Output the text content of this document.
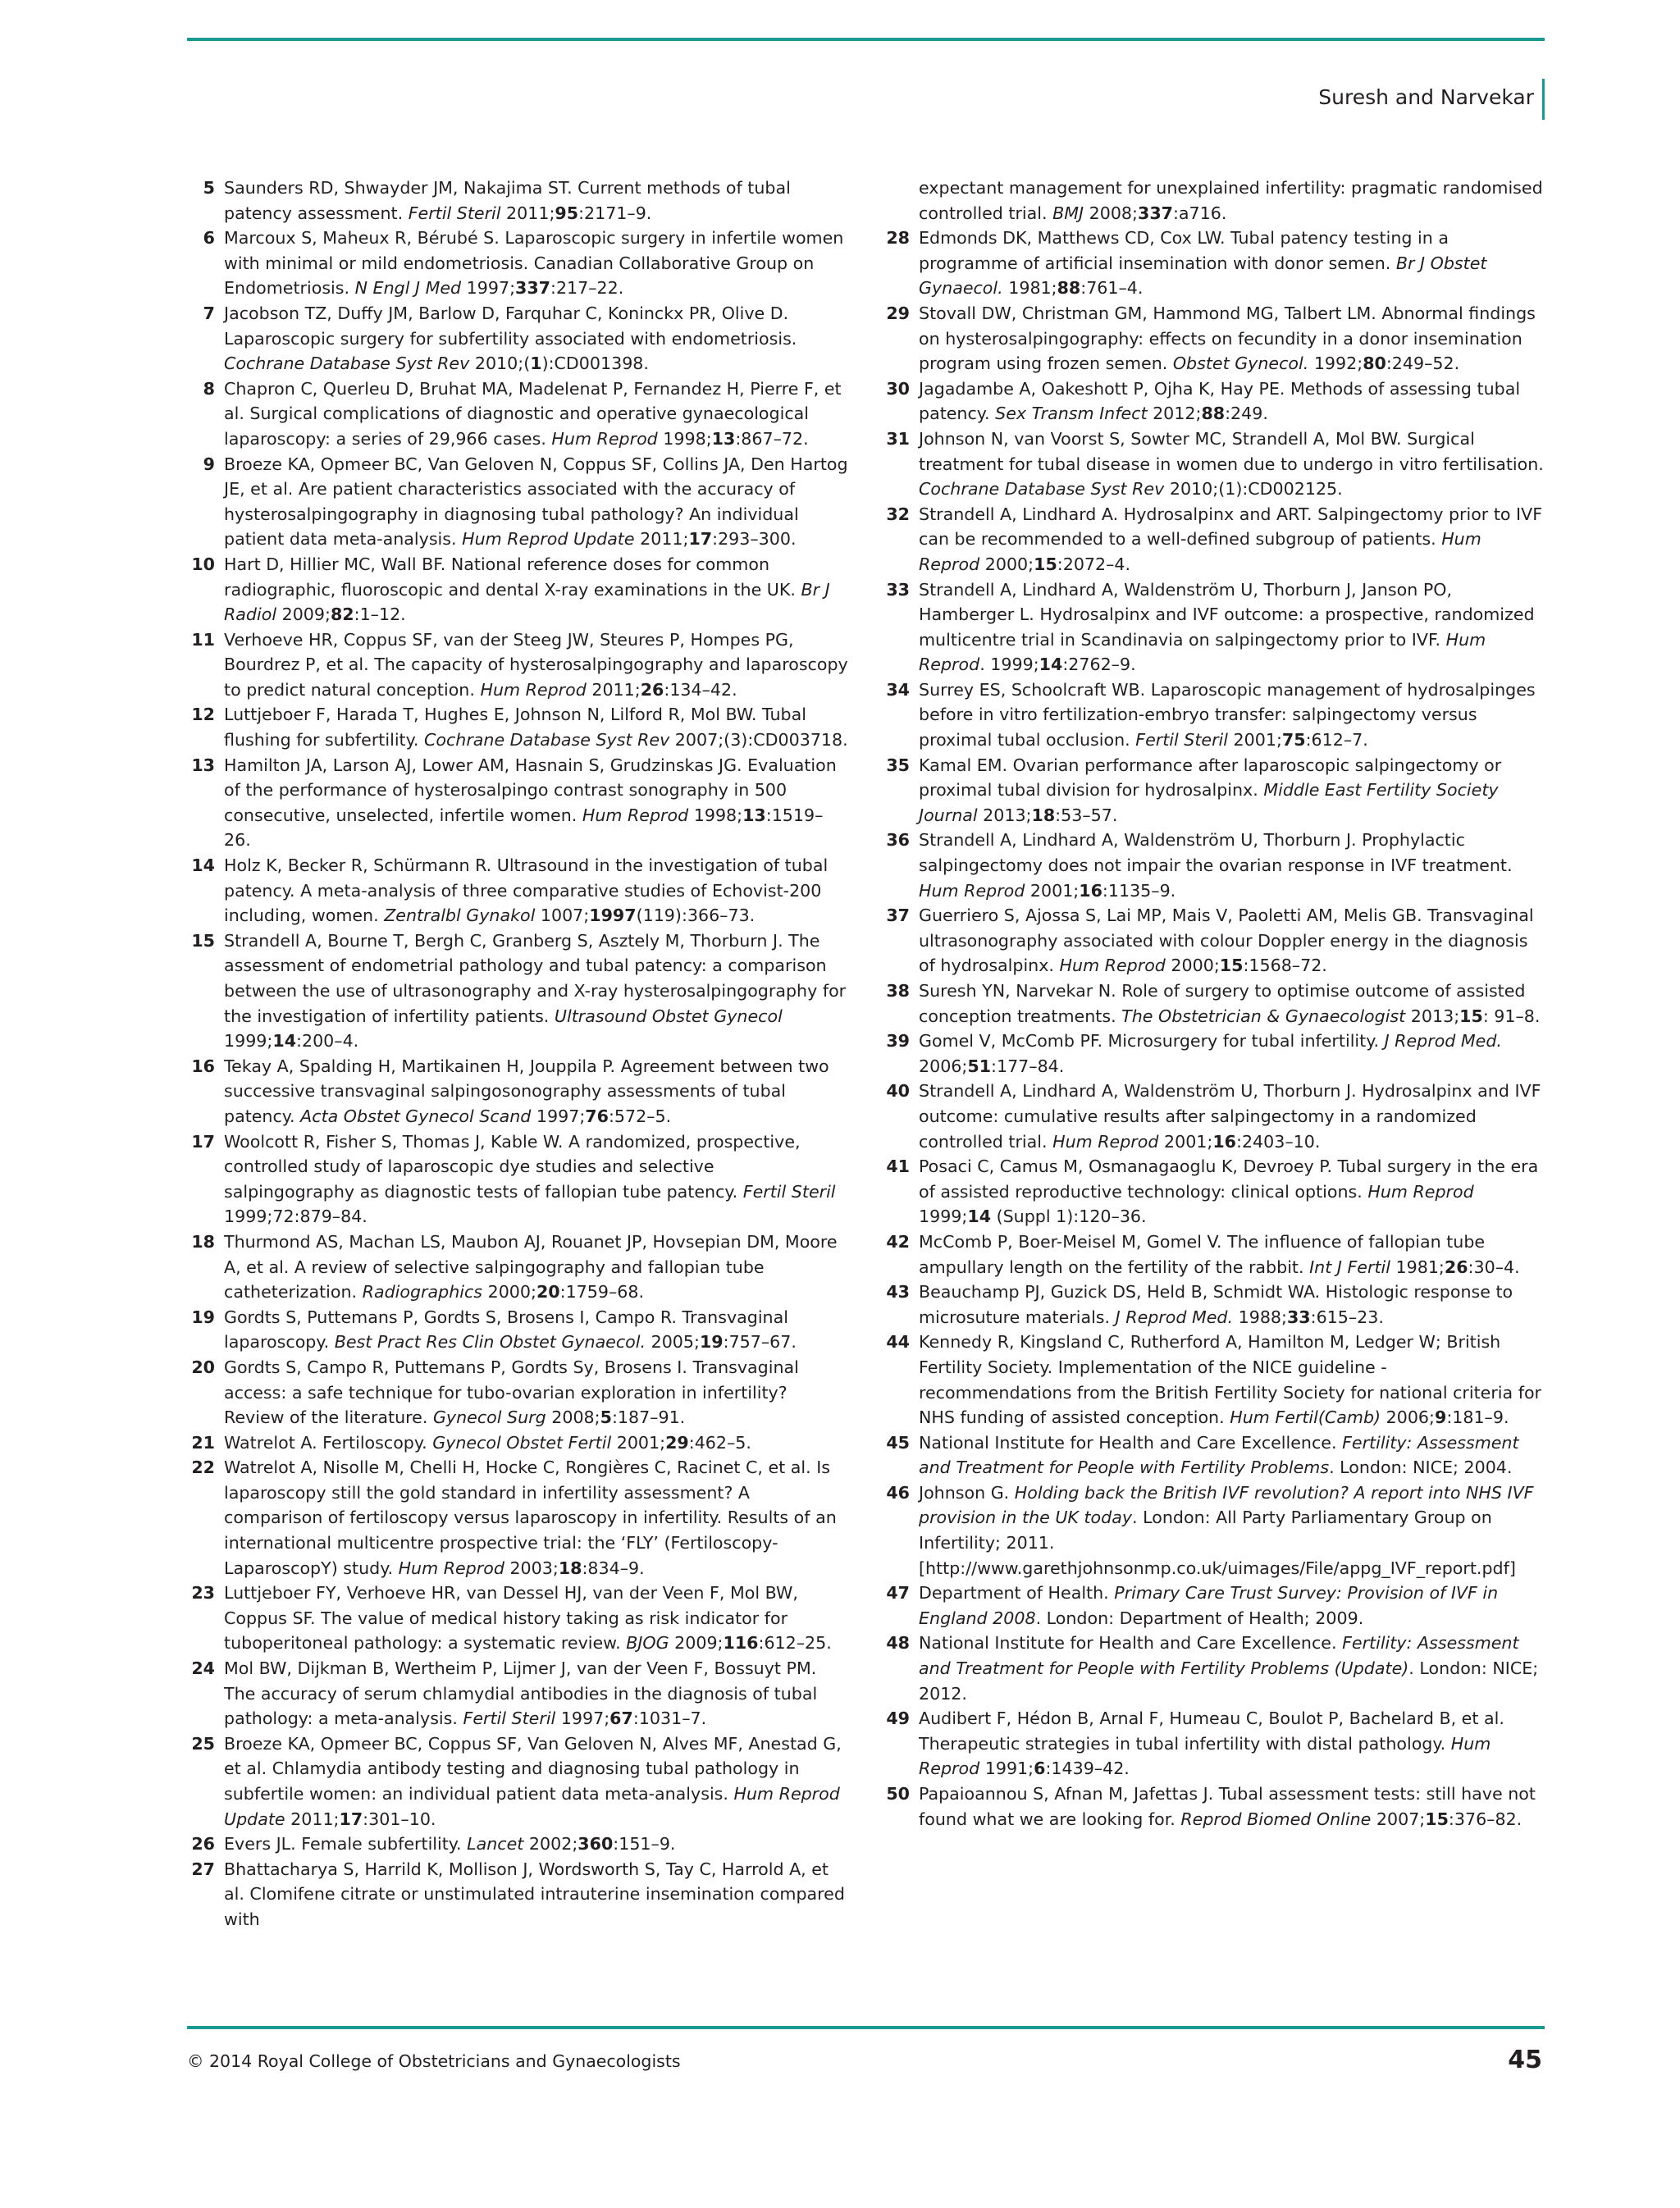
Suresh and Narvekar

5 Saunders RD, Shwayder JM, Nakajima ST. Current methods of tubal patency assessment. Fertil Steril 2011;95:2171–9.

6 Marcoux S, Maheux R, Bérubé S. Laparoscopic surgery in infertile women with minimal or mild endometriosis. Canadian Collaborative Group on Endometriosis. N Engl J Med 1997;337:217–22.

7 Jacobson TZ, Duffy JM, Barlow D, Farquhar C, Koninckx PR, Olive D. Laparoscopic surgery for subfertility associated with endometriosis. Cochrane Database Syst Rev 2010;(1):CD001398.

8 Chapron C, Querleu D, Bruhat MA, Madelenat P, Fernandez H, Pierre F, et al. Surgical complications of diagnostic and operative gynaecological laparoscopy: a series of 29,966 cases. Hum Reprod 1998;13:867–72.

9 Broeze KA, Opmeer BC, Van Geloven N, Coppus SF, Collins JA, Den Hartog JE, et al. Are patient characteristics associated with the accuracy of hysterosalpingography in diagnosing tubal pathology? An individual patient data meta-analysis. Hum Reprod Update 2011;17:293–300.

10 Hart D, Hillier MC, Wall BF. National reference doses for common radiographic, fluoroscopic and dental X-ray examinations in the UK. Br J Radiol 2009;82:1–12.

11 Verhoeve HR, Coppus SF, van der Steeg JW, Steures P, Hompes PG, Bourdrez P, et al. The capacity of hysterosalpingography and laparoscopy to predict natural conception. Hum Reprod 2011;26:134–42.

12 Luttjeboer F, Harada T, Hughes E, Johnson N, Lilford R, Mol BW. Tubal flushing for subfertility. Cochrane Database Syst Rev 2007;(3):CD003718.

13 Hamilton JA, Larson AJ, Lower AM, Hasnain S, Grudzinskas JG. Evaluation of the performance of hysterosalpingo contrast sonography in 500 consecutive, unselected, infertile women. Hum Reprod 1998;13:1519–26.

14 Holz K, Becker R, Schürmann R. Ultrasound in the investigation of tubal patency. A meta-analysis of three comparative studies of Echovist-200 including, women. Zentralbl Gynakol 1007;1997(119):366–73.

15 Strandell A, Bourne T, Bergh C, Granberg S, Asztely M, Thorburn J. The assessment of endometrial pathology and tubal patency: a comparison between the use of ultrasonography and X-ray hysterosalpingography for the investigation of infertility patients. Ultrasound Obstet Gynecol 1999;14:200–4.

16 Tekay A, Spalding H, Martikainen H, Jouppila P. Agreement between two successive transvaginal salpingosonography assessments of tubal patency. Acta Obstet Gynecol Scand 1997;76:572–5.

17 Woolcott R, Fisher S, Thomas J, Kable W. A randomized, prospective, controlled study of laparoscopic dye studies and selective salpingography as diagnostic tests of fallopian tube patency. Fertil Steril 1999;72:879–84.

18 Thurmond AS, Machan LS, Maubon AJ, Rouanet JP, Hovsepian DM, Moore A, et al. A review of selective salpingography and fallopian tube catheterization. Radiographics 2000;20:1759–68.

19 Gordts S, Puttemans P, Gordts S, Brosens I, Campo R. Transvaginal laparoscopy. Best Pract Res Clin Obstet Gynaecol. 2005;19:757–67.

20 Gordts S, Campo R, Puttemans P, Gordts Sy, Brosens I. Transvaginal access: a safe technique for tubo-ovarian exploration in infertility? Review of the literature. Gynecol Surg 2008;5:187–91.

21 Watrelot A. Fertiloscopy. Gynecol Obstet Fertil 2001;29:462–5.

22 Watrelot A, Nisolle M, Chelli H, Hocke C, Rongières C, Racinet C, et al. Is laparoscopy still the gold standard in infertility assessment? A comparison of fertiloscopy versus laparoscopy in infertility. Results of an international multicentre prospective trial: the ‘FLY’ (Fertiloscopy-LaparoscopY) study. Hum Reprod 2003;18:834–9.

23 Luttjeboer FY, Verhoeve HR, van Dessel HJ, van der Veen F, Mol BW, Coppus SF. The value of medical history taking as risk indicator for tuboperitoneal pathology: a systematic review. BJOG 2009;116:612–25.

24 Mol BW, Dijkman B, Wertheim P, Lijmer J, van der Veen F, Bossuyt PM. The accuracy of serum chlamydial antibodies in the diagnosis of tubal pathology: a meta-analysis. Fertil Steril 1997;67:1031–7.

25 Broeze KA, Opmeer BC, Coppus SF, Van Geloven N, Alves MF, Anestad G, et al. Chlamydia antibody testing and diagnosing tubal pathology in subfertile women: an individual patient data meta-analysis. Hum Reprod Update 2011;17:301–10.

26 Evers JL. Female subfertility. Lancet 2002;360:151–9.

27 Bhattacharya S, Harrild K, Mollison J, Wordsworth S, Tay C, Harrold A, et al. Clomifene citrate or unstimulated intrauterine insemination compared with

expectant management for unexplained infertility: pragmatic randomised controlled trial. BMJ 2008;337:a716.

28 Edmonds DK, Matthews CD, Cox LW. Tubal patency testing in a programme of artificial insemination with donor semen. Br J Obstet Gynaecol. 1981;88:761–4.

29 Stovall DW, Christman GM, Hammond MG, Talbert LM. Abnormal findings on hysterosalpingography: effects on fecundity in a donor insemination program using frozen semen. Obstet Gynecol. 1992;80:249–52.

30 Jagadambe A, Oakeshott P, Ojha K, Hay PE. Methods of assessing tubal patency. Sex Transm Infect 2012;88:249.

31 Johnson N, van Voorst S, Sowter MC, Strandell A, Mol BW. Surgical treatment for tubal disease in women due to undergo in vitro fertilisation. Cochrane Database Syst Rev 2010;(1):CD002125.

32 Strandell A, Lindhard A. Hydrosalpinx and ART. Salpingectomy prior to IVF can be recommended to a well-defined subgroup of patients. Hum Reprod 2000;15:2072–4.

33 Strandell A, Lindhard A, Waldenström U, Thorburn J, Janson PO, Hamberger L. Hydrosalpinx and IVF outcome: a prospective, randomized multicentre trial in Scandinavia on salpingectomy prior to IVF. Hum Reprod. 1999;14:2762–9.

34 Surrey ES, Schoolcraft WB. Laparoscopic management of hydrosalpinges before in vitro fertilization-embryo transfer: salpingectomy versus proximal tubal occlusion. Fertil Steril 2001;75:612–7.

35 Kamal EM. Ovarian performance after laparoscopic salpingectomy or proximal tubal division for hydrosalpinx. Middle East Fertility Society Journal 2013;18:53–57.

36 Strandell A, Lindhard A, Waldenström U, Thorburn J. Prophylactic salpingectomy does not impair the ovarian response in IVF treatment. Hum Reprod 2001;16:1135–9.

37 Guerriero S, Ajossa S, Lai MP, Mais V, Paoletti AM, Melis GB. Transvaginal ultrasonography associated with colour Doppler energy in the diagnosis of hydrosalpinx. Hum Reprod 2000;15:1568–72.

38 Suresh YN, Narvekar N. Role of surgery to optimise outcome of assisted conception treatments. The Obstetrician & Gynaecologist 2013;15: 91–8.

39 Gomel V, McComb PF. Microsurgery for tubal infertility. J Reprod Med. 2006;51:177–84.

40 Strandell A, Lindhard A, Waldenström U, Thorburn J. Hydrosalpinx and IVF outcome: cumulative results after salpingectomy in a randomized controlled trial. Hum Reprod 2001;16:2403–10.

41 Posaci C, Camus M, Osmanagaoglu K, Devroey P. Tubal surgery in the era of assisted reproductive technology: clinical options. Hum Reprod 1999;14 (Suppl 1):120–36.

42 McComb P, Boer-Meisel M, Gomel V. The influence of fallopian tube ampullary length on the fertility of the rabbit. Int J Fertil 1981;26:30–4.

43 Beauchamp PJ, Guzick DS, Held B, Schmidt WA. Histologic response to microsuture materials. J Reprod Med. 1988;33:615–23.

44 Kennedy R, Kingsland C, Rutherford A, Hamilton M, Ledger W; British Fertility Society. Implementation of the NICE guideline - recommendations from the British Fertility Society for national criteria for NHS funding of assisted conception. Hum Fertil(Camb) 2006;9:181–9.

45 National Institute for Health and Care Excellence. Fertility: Assessment and Treatment for People with Fertility Problems. London: NICE; 2004.

46 Johnson G. Holding back the British IVF revolution? A report into NHS IVF provision in the UK today. London: All Party Parliamentary Group on Infertility; 2011. [http://www.garethjohnsonmp.co.uk/uimages/File/appg_IVF_report.pdf]

47 Department of Health. Primary Care Trust Survey: Provision of IVF in England 2008. London: Department of Health; 2009.

48 National Institute for Health and Care Excellence. Fertility: Assessment and Treatment for People with Fertility Problems (Update). London: NICE; 2012.

49 Audibert F, Hédon B, Arnal F, Humeau C, Boulot P, Bachelard B, et al. Therapeutic strategies in tubal infertility with distal pathology. Hum Reprod 1991;6:1439–42.

50 Papaioannou S, Afnan M, Jafettas J. Tubal assessment tests: still have not found what we are looking for. Reprod Biomed Online 2007;15:376–82.

© 2014 Royal College of Obstetricians and Gynaecologists	45
